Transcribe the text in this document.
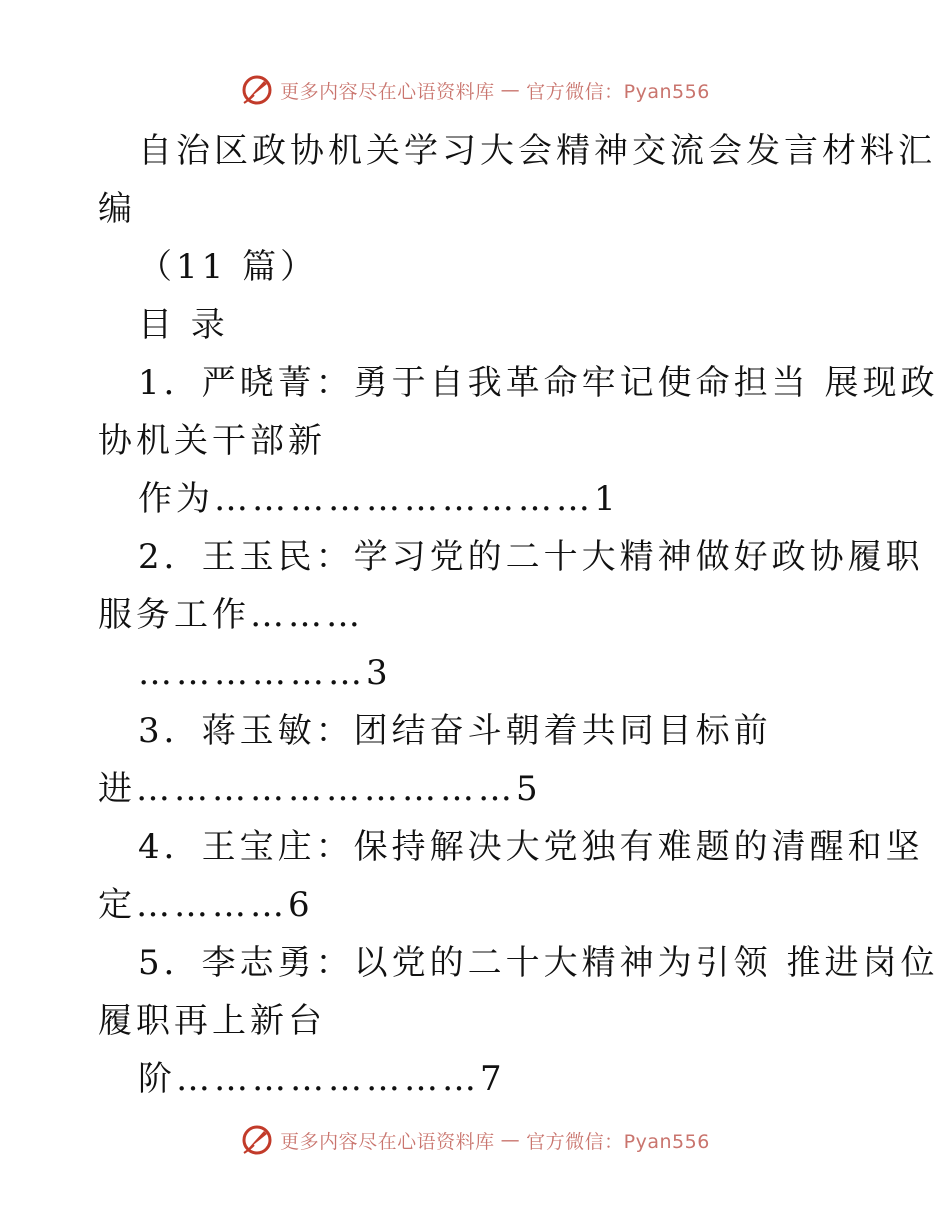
更多内容尽在心语资料库 — 官方微信：Pyan556
自治区政协机关学习大会精神交流会发言材料汇
编
（11 篇）
目 录
1．严晓菁：勇于自我革命牢记使命担当 展现政
协机关干部新
作为…………………………1
2．王玉民：学习党的二十大精神做好政协履职
服务工作………
………………3
3．蒋玉敏：团结奋斗朝着共同目标前
进…………………………5
4．王宝庄：保持解决大党独有难题的清醒和坚
定…………6
5．李志勇：以党的二十大精神为引领 推进岗位
履职再上新台
阶……………………7
更多内容尽在心语资料库 — 官方微信：Pyan556
